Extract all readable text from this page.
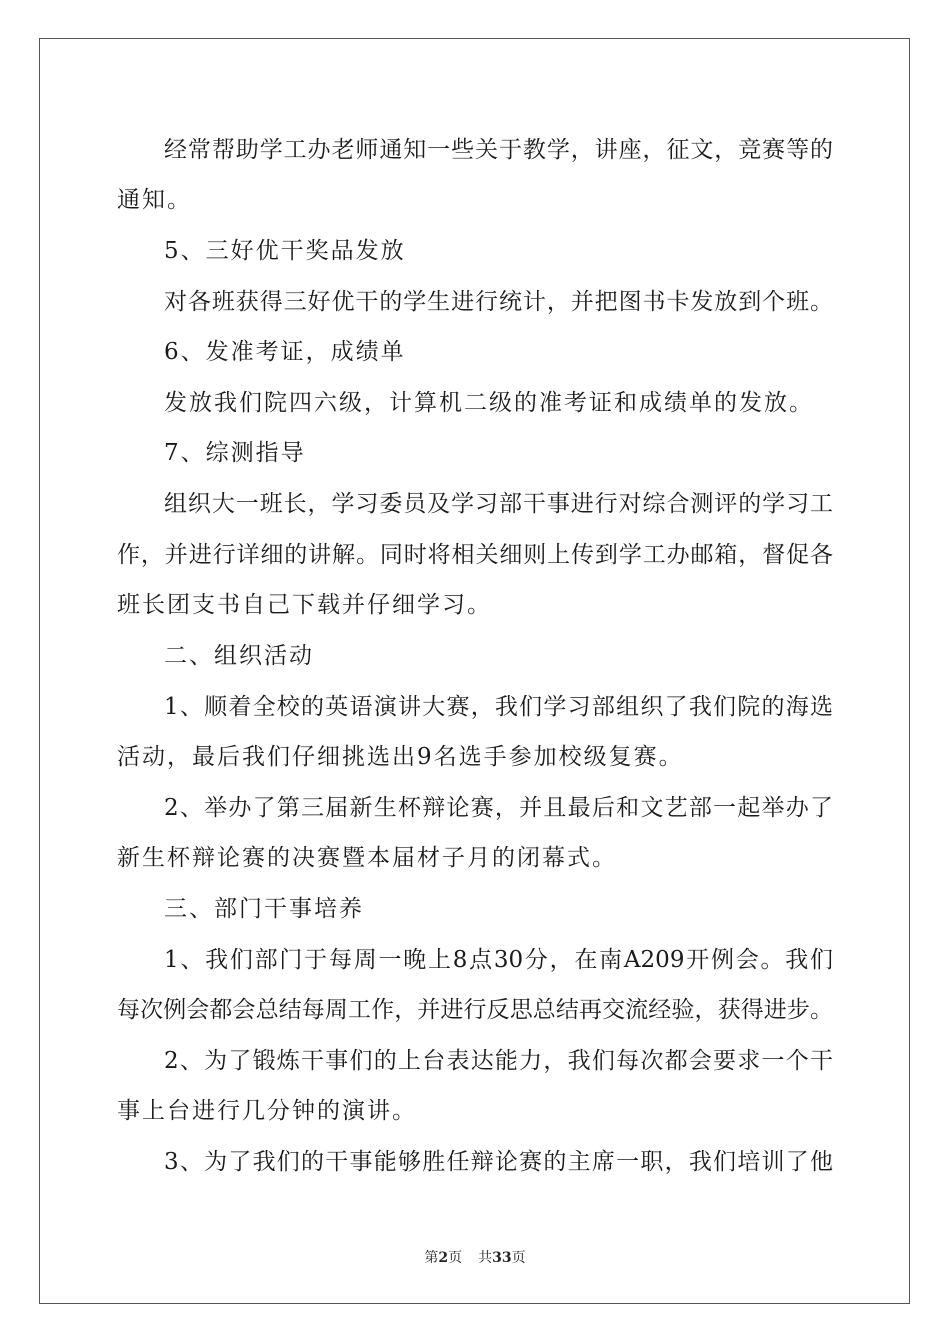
经常帮助学工办老师通知一些关于教学，讲座，征文，竞赛等的
通知。
5、三好优干奖品发放
对各班获得三好优干的学生进行统计，并把图书卡发放到个班。
6、发准考证，成绩单
发放我们院四六级，计算机二级的准考证和成绩单的发放。
7、综测指导
组织大一班长，学习委员及学习部干事进行对综合测评的学习工
作，并进行详细的讲解。同时将相关细则上传到学工办邮箱，督促各
班长团支书自己下载并仔细学习。
二、组织活动
1、顺着全校的英语演讲大赛，我们学习部组织了我们院的海选
活动，最后我们仔细挑选出9名选手参加校级复赛。
2、举办了第三届新生杯辩论赛，并且最后和文艺部一起举办了
新生杯辩论赛的决赛暨本届材子月的闭幕式。
三、部门干事培养
1、我们部门于每周一晚上8点30分，在南A209开例会。我们
每次例会都会总结每周工作，并进行反思总结再交流经验，获得进步。
2、为了锻炼干事们的上台表达能力，我们每次都会要求一个干
事上台进行几分钟的演讲。
3、为了我们的干事能够胜任辩论赛的主席一职，我们培训了他
第2页 共33页
